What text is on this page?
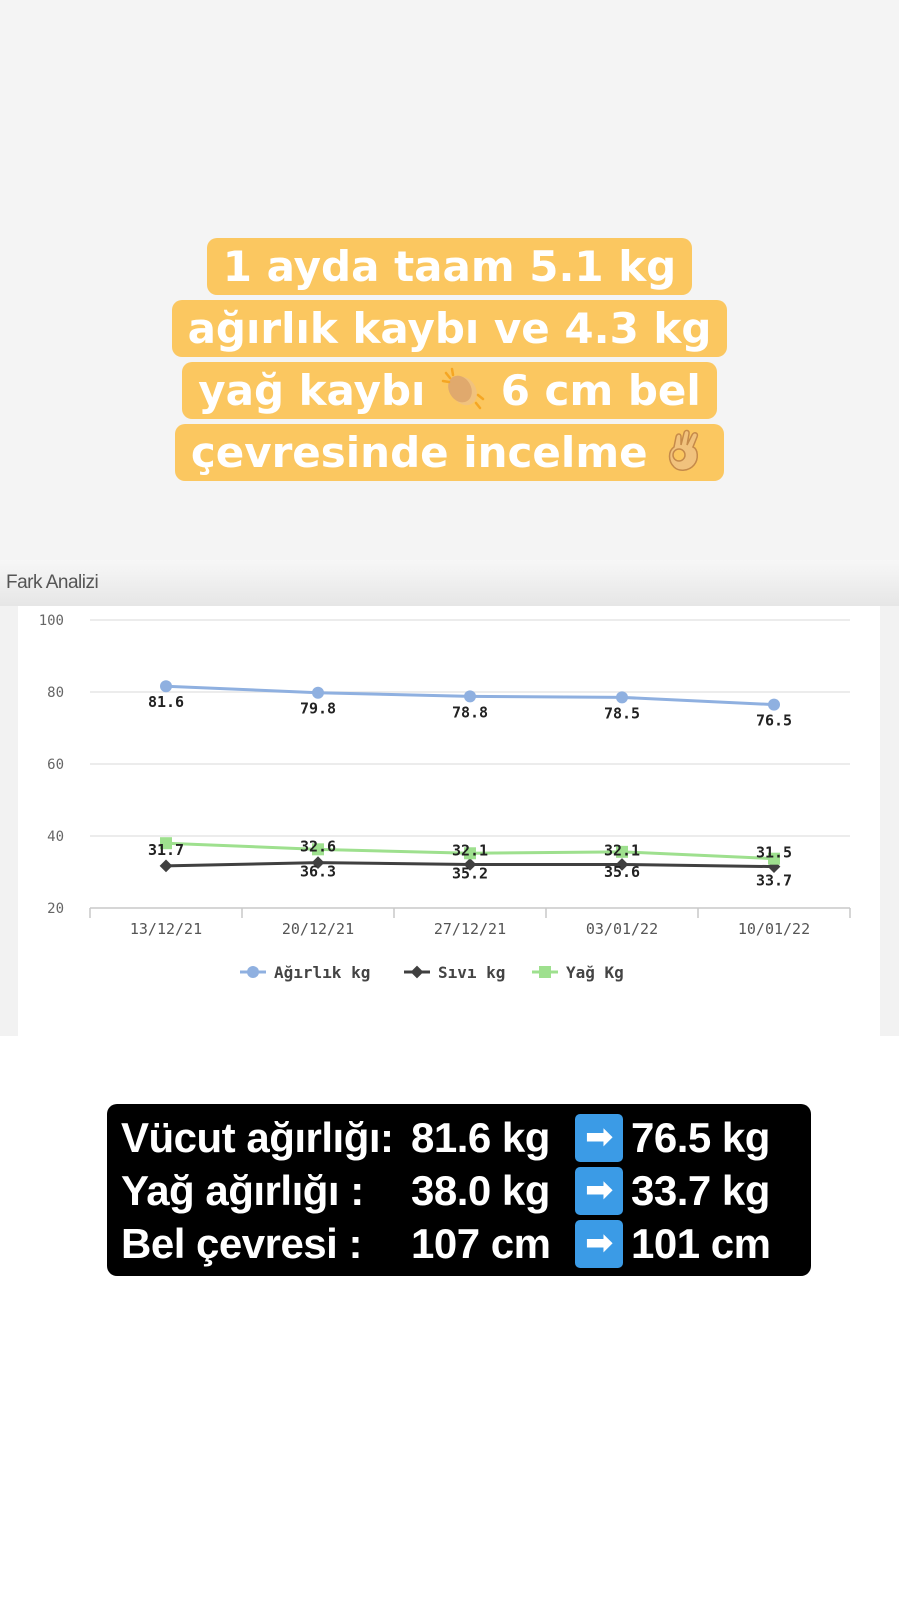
1 ayda taam 5.1 kg
ağırlık kaybı ve 4.3 kg
yağ kaybı 6 cm bel
çevresinde incelme
Fark Analizi
20
40
60
80
100
13/12/21	20/12/21	27/12/21	03/01/22	10/01/22
81.6	79.8	78.8	78.5	76.5
31.7	32.6	32.1	32.1	31.5
36.3	35.2	35.6	33.7
Ağırlık kg	Sıvı kg	Yağ Kg
Vücut ağırlığı: 81.6 kg ➡ 76.5 kg
Yağ ağırlığı : 38.0 kg ➡ 33.7 kg
Bel çevresi : 107 cm ➡ 101 cm
